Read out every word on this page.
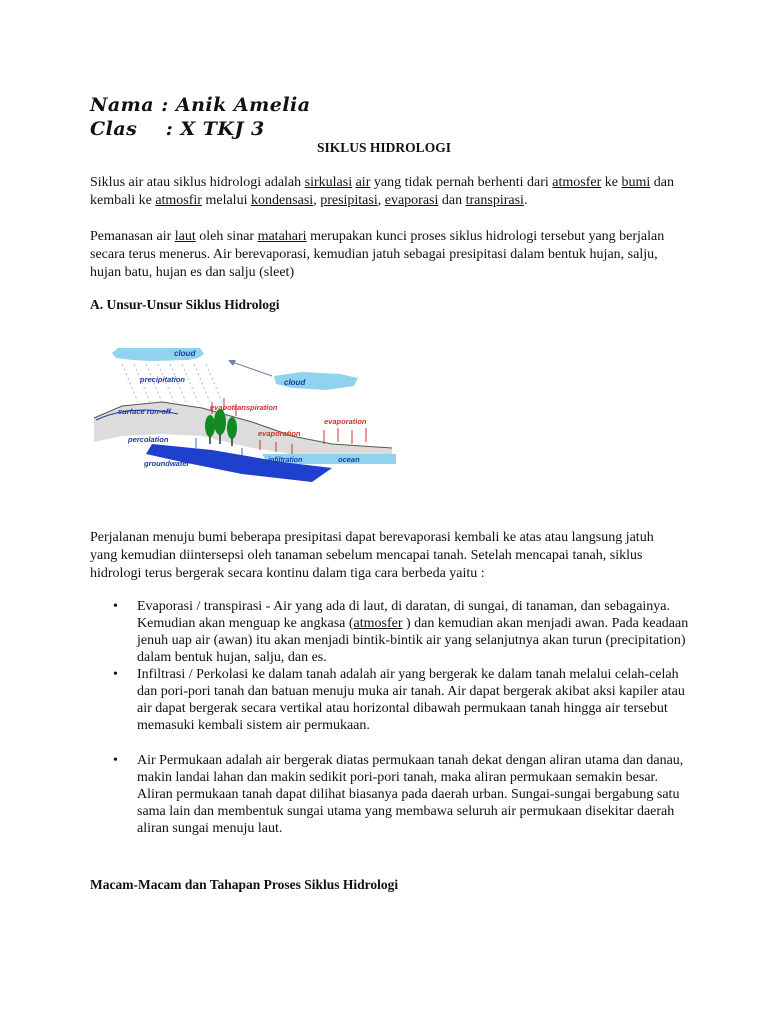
Nama : Anik Amelia
Clas    : X TKJ 3
SIKLUS HIDROLOGI
Siklus air atau siklus hidrologi adalah sirkulasi air yang tidak pernah berhenti dari atmosfer ke bumi dan kembali ke atmosfir melalui kondensasi, presipitasi, evaporasi dan transpirasi.
Pemanasan air laut oleh sinar matahari merupakan kunci proses siklus hidrologi tersebut yang berjalan secara terus menerus. Air berevaporasi, kemudian jatuh sebagai presipitasi dalam bentuk hujan, salju, hujan batu, hujan es dan salju (sleet)
A. Unsur-Unsur Siklus Hidrologi
cloud
cloud
precipitation
ocean
groundwater
evapotranspiration
evaporation
evaporation
surface run-off
percolation
infiltration
Perjalanan menuju bumi beberapa presipitasi dapat berevaporasi kembali ke atas atau langsung jatuh yang kemudian diintersepsi oleh tanaman sebelum mencapai tanah. Setelah mencapai tanah, siklus hidrologi terus bergerak secara kontinu dalam tiga cara berbeda yaitu :
• Evaporasi / transpirasi - Air yang ada di laut, di daratan, di sungai, di tanaman, dan sebagainya. Kemudian akan menguap ke angkasa (atmosfer ) dan kemudian akan menjadi awan. Pada keadaan jenuh uap air (awan) itu akan menjadi bintik-bintik air yang selanjutnya akan turun (precipitation) dalam bentuk hujan, salju, dan es.
• Infiltrasi / Perkolasi ke dalam tanah adalah air yang bergerak ke dalam tanah melalui celah-celah dan pori-pori tanah dan batuan menuju muka air tanah. Air dapat bergerak akibat aksi kapiler atau air dapat bergerak secara vertikal atau horizontal dibawah permukaan tanah hingga air tersebut memasuki kembali sistem air permukaan.
• Air Permukaan adalah air bergerak diatas permukaan tanah dekat dengan aliran utama dan danau, makin landai lahan dan makin sedikit pori-pori tanah, maka aliran permukaan semakin besar. Aliran permukaan tanah dapat dilihat biasanya pada daerah urban. Sungai-sungai bergabung satu sama lain dan membentuk sungai utama yang membawa seluruh air permukaan disekitar daerah aliran sungai menuju laut.
Macam-Macam dan Tahapan Proses Siklus Hidrologi
